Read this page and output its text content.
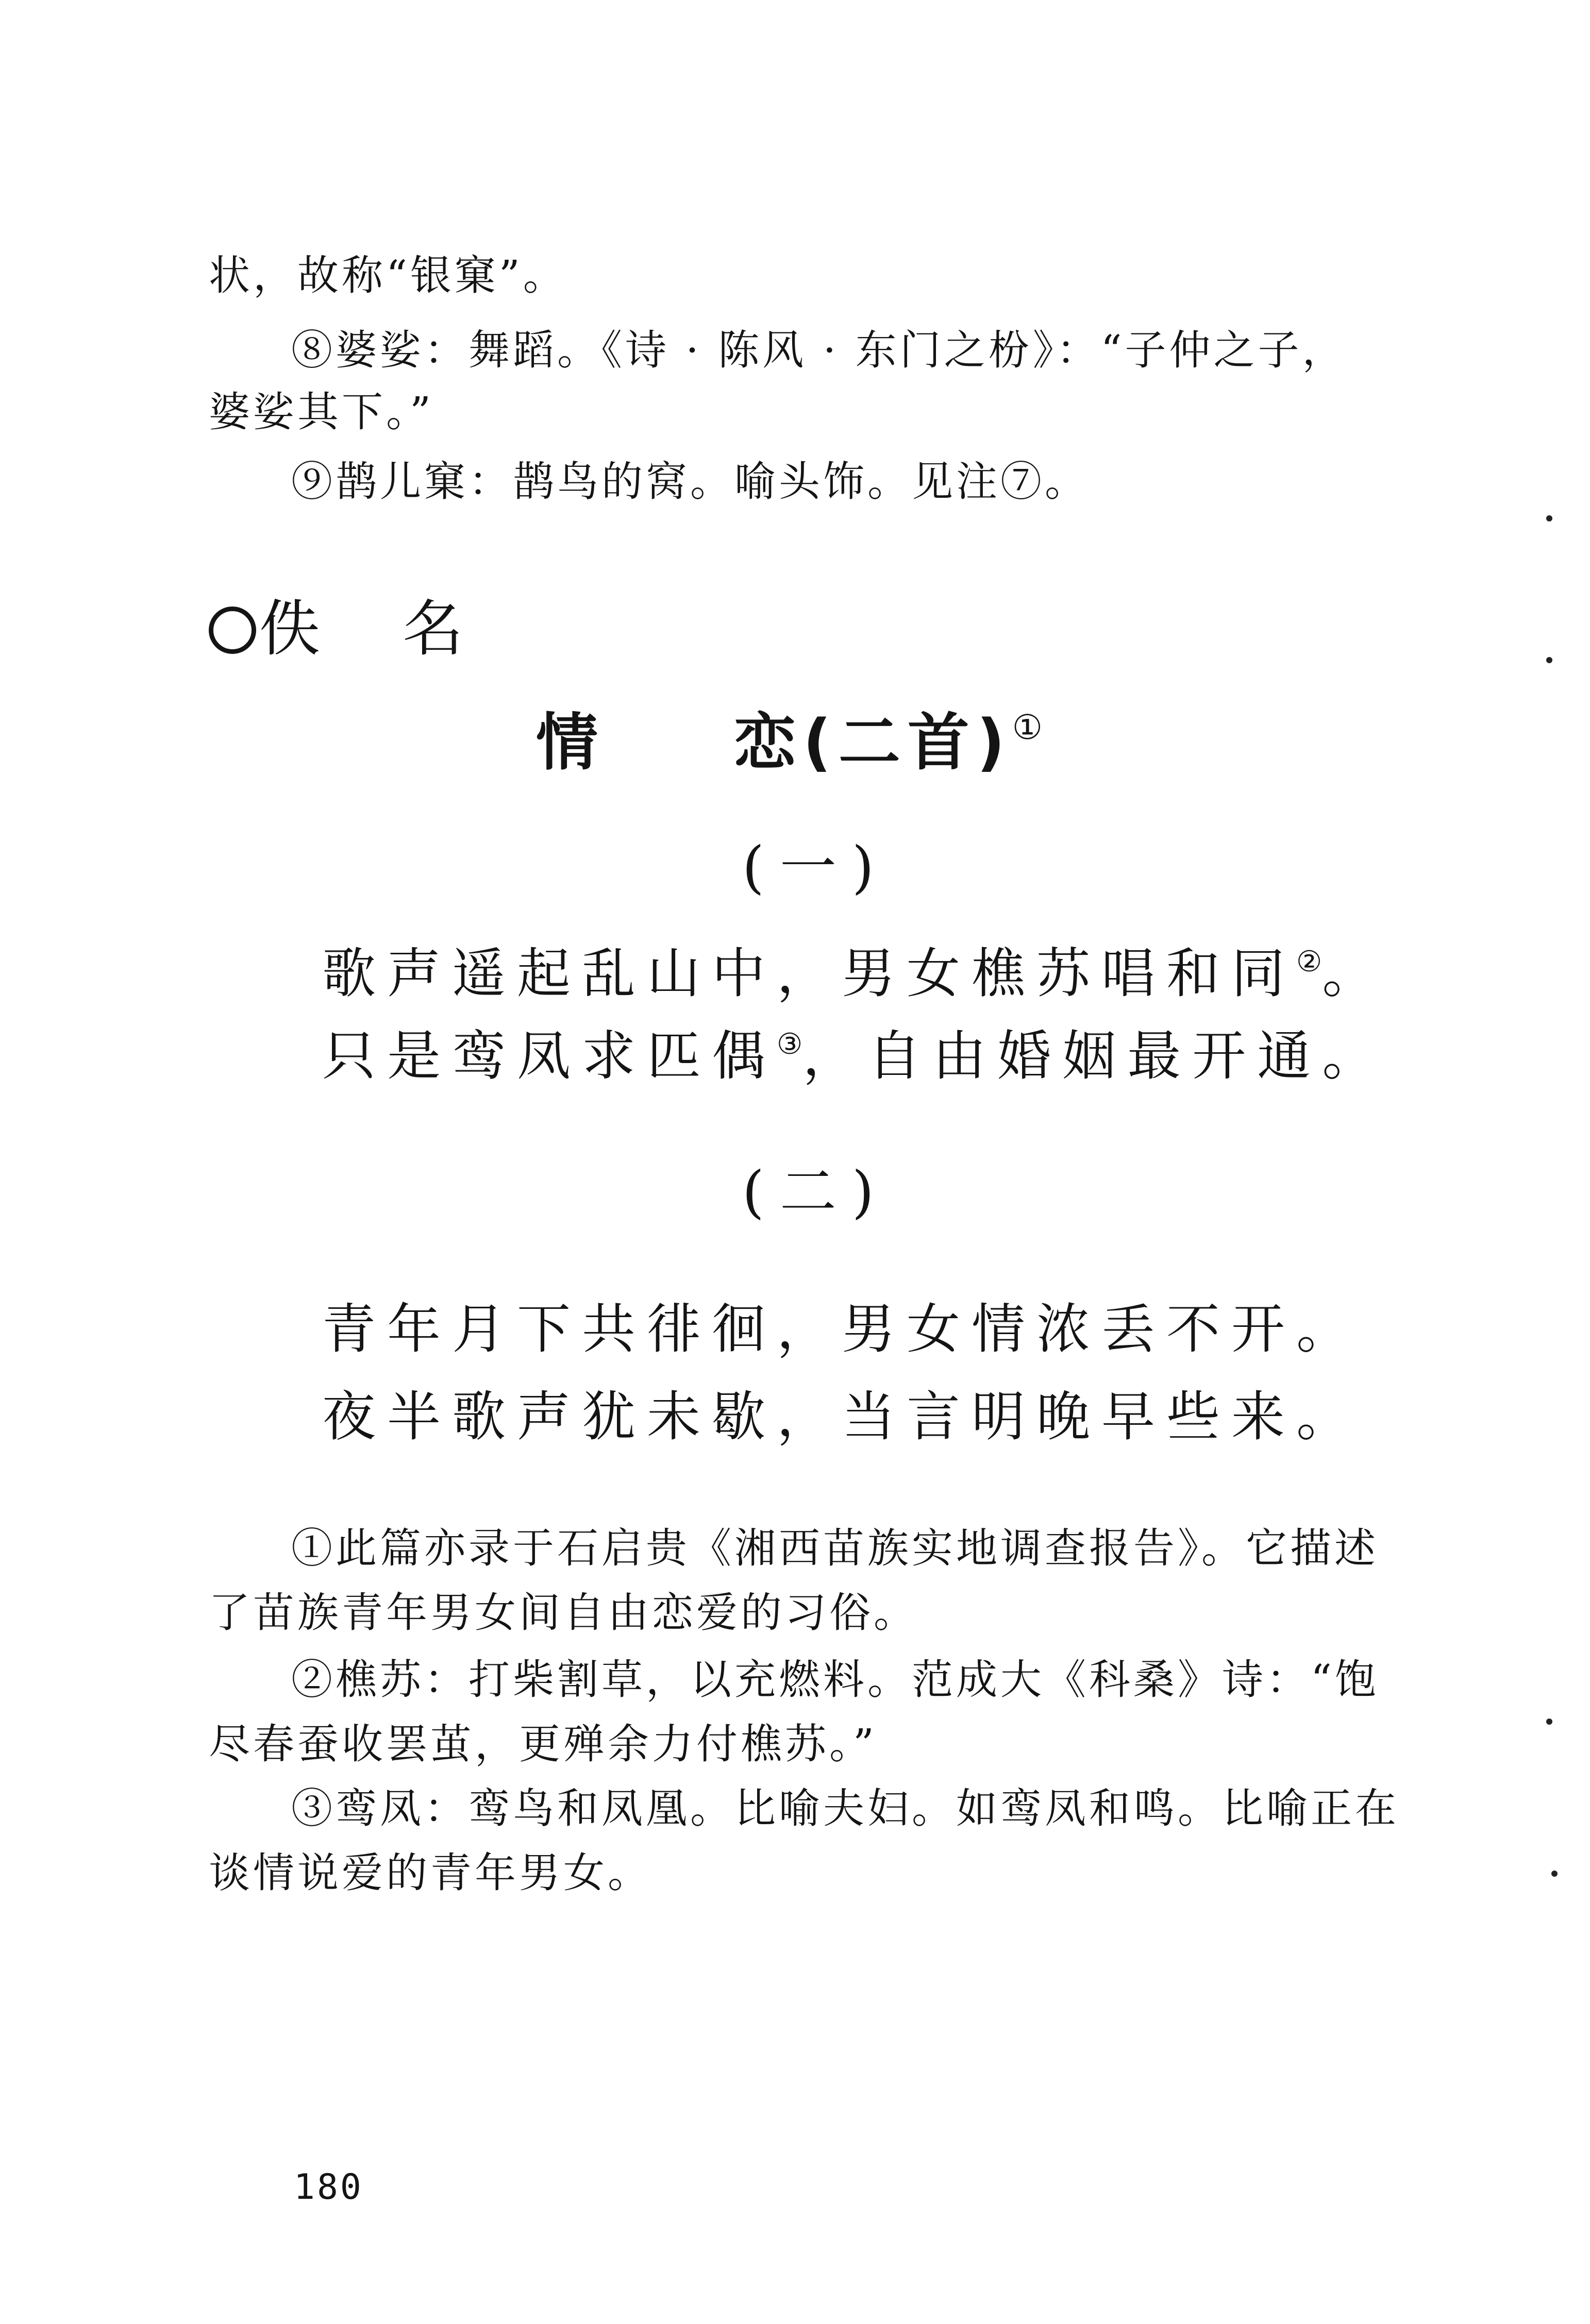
状，故称“银窠”。
⑧婆娑：舞蹈。《诗 · 陈风 · 东门之枌》：“子仲之子，
婆娑其下。”
⑨鹊儿窠：鹊鸟的窝。喻头饰。见注⑦。
佚 名
情 恋(二首)①
(一)
歌声遥起乱山中，男女樵苏唱和同②。
只是鸾凤求匹偶③，自由婚姻最开通。
(二)
青年月下共徘徊，男女情浓丢不开。
夜半歌声犹未歇，当言明晚早些来。
①此篇亦录于石启贵《湘西苗族实地调查报告》。它描述
了苗族青年男女间自由恋爱的习俗。
②樵苏：打柴割草，以充燃料。范成大《科桑》诗：“饱
尽春蚕收罢茧，更殚余力付樵苏。”
③鸾凤：鸾鸟和凤凰。比喻夫妇。如鸾凤和鸣。比喻正在
谈情说爱的青年男女。
180
